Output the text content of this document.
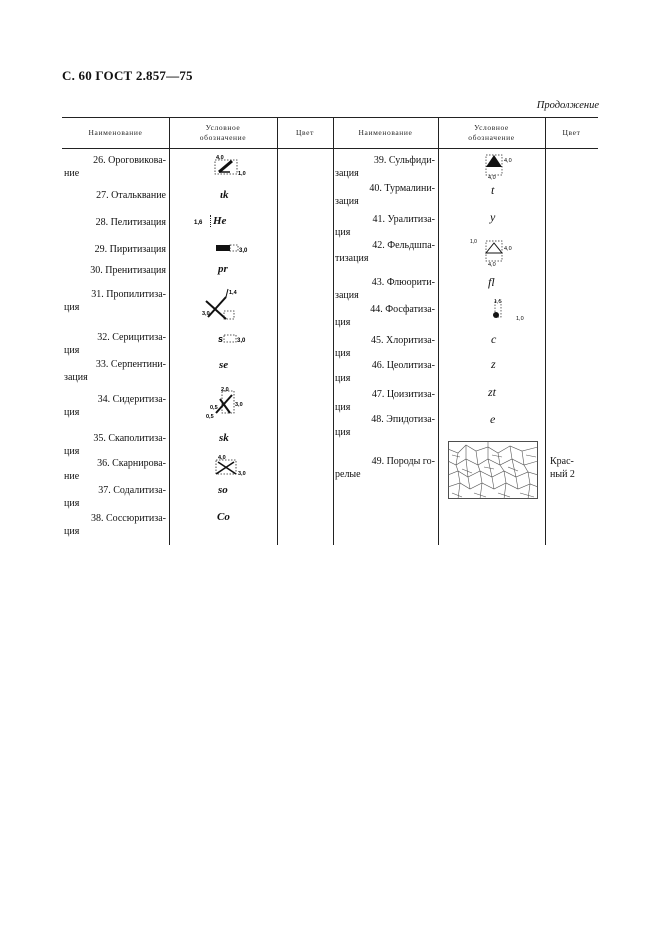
С. 60 ГОСТ 2.857—75
Продолжение
Наименование
Условное
обозначение
Цвет	Наименование
Условное
обозначение
Цвет
26. Ороговикова-
ние
27. Отальквание
28. Пелитизация
29. Пиритизация
30. Пренитизация
31. Пропилитиза-
ция
32. Серицитиза-
ция
33. Серпентини-
зация
34. Сидеритиза-
ция
35. Скаполитиза-
ция
36. Скарнирова-
ние
37. Содалитиза-
ция
38. Соссюритиза-
ция
4,0
1,0
ιk
1,6 He
3,0
pr
1,4
3,0
s 3,0
se
2,0
3,0
0,5
0,5
sk
4,0
3,0
so
Co
39. Сульфиди-
зация
40. Турмалини-
зация
41. Уралитиза-
ция
42. Фельдшпа-
тизация
43. Флюорити-
зация
44. Фосфатиза-
ция
45. Хлоритиза-
ция
46. Цеолитиза-
ция
47. Цоизитиза-
ция
48. Эпидотиза-
ция
49. Породы го-
релые
4,0
4,0
t
y
1,0
4,0
4,0
fl
1,5
1,0
c
z
zt
e
Крас-
ный 2
